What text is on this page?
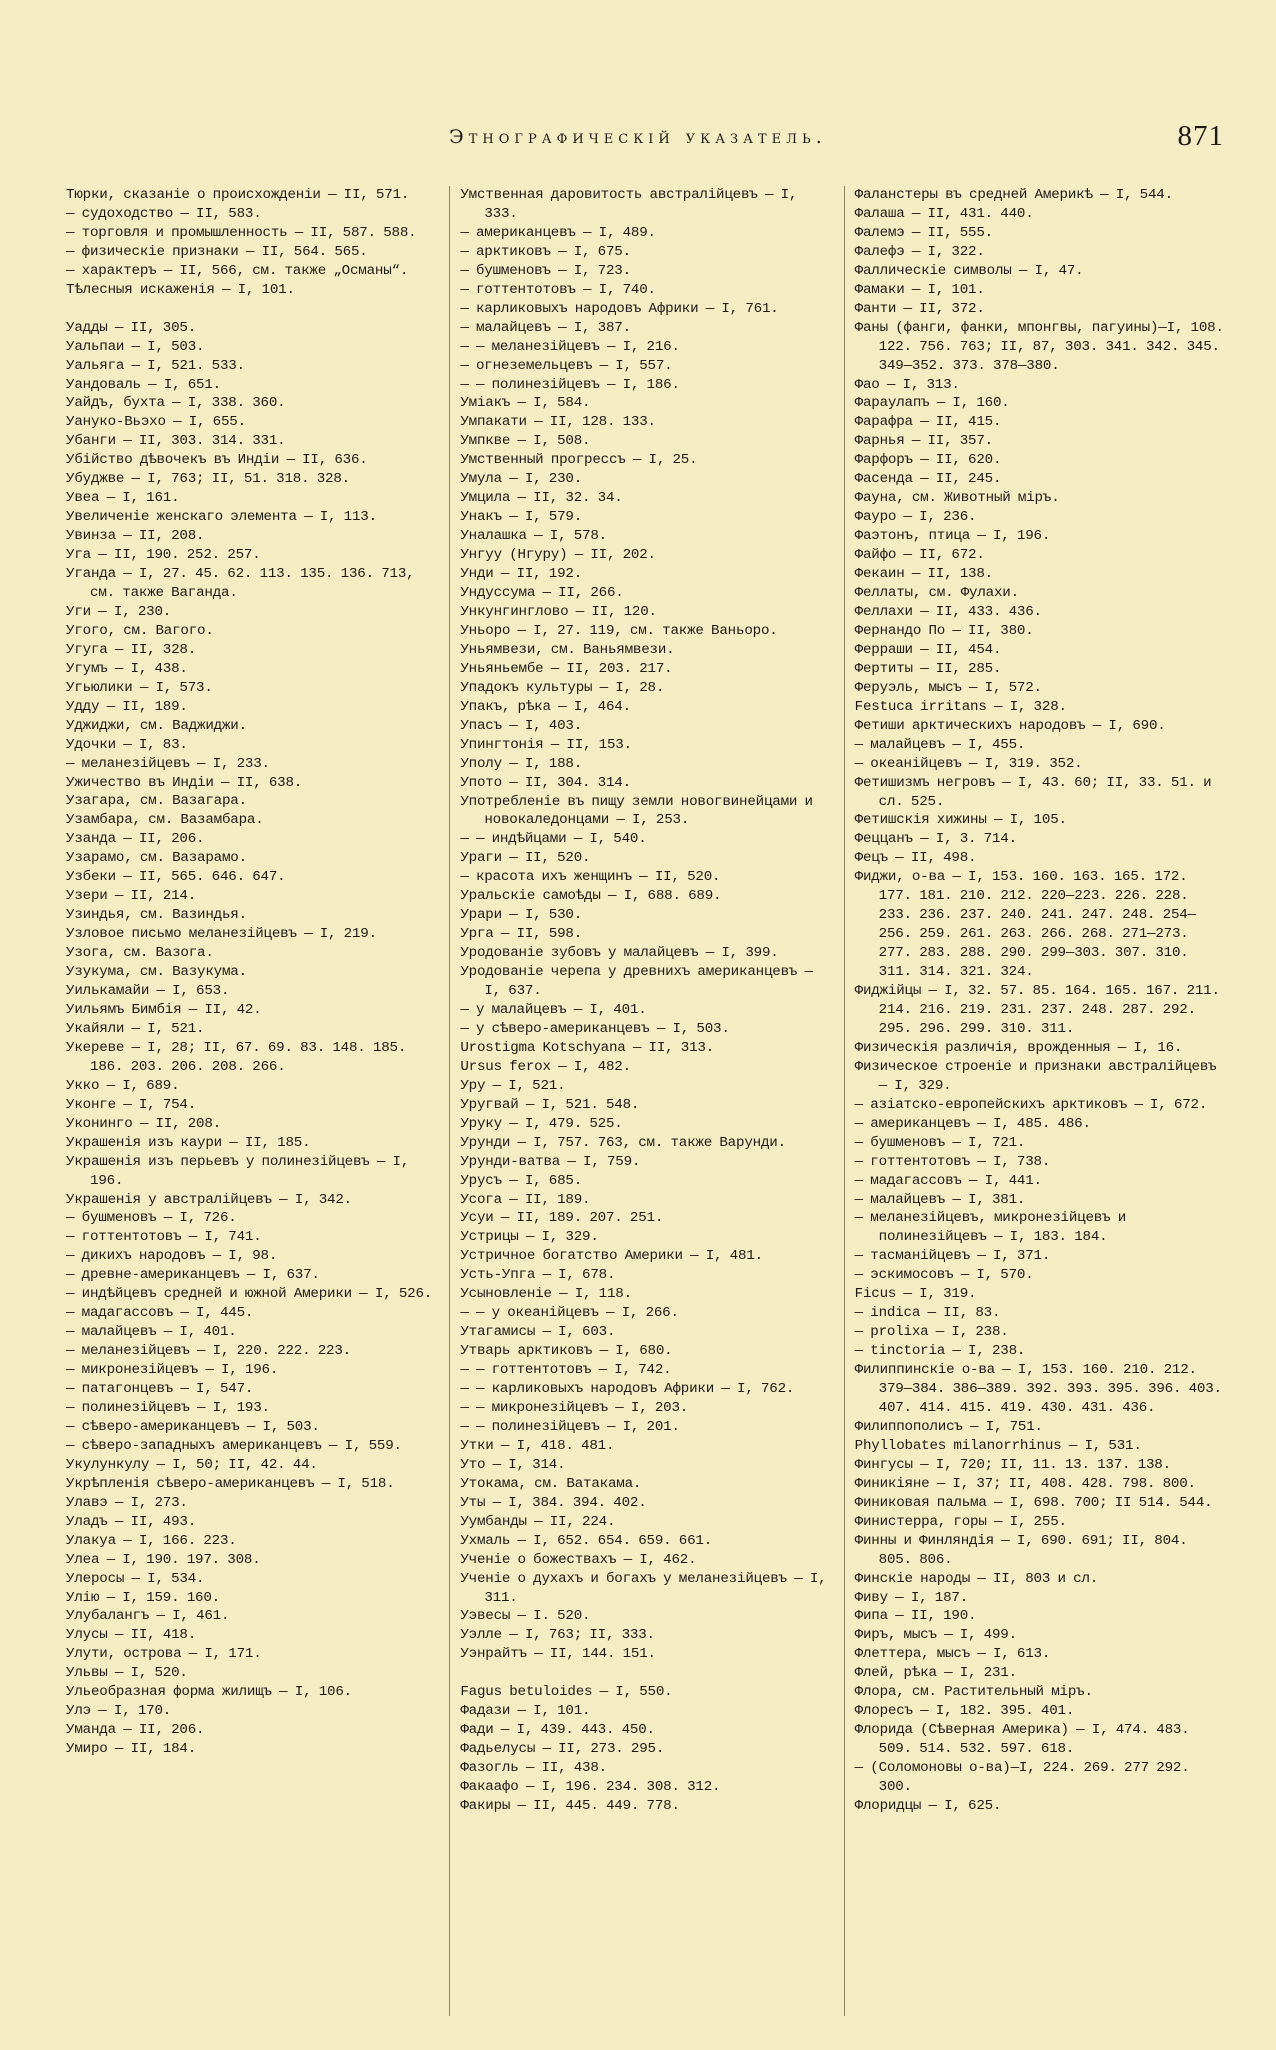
Этнографическій указатель.	871
Тюрки, сказаніе о происхожденіи — II, 571.
— судоходство — II, 583.
— торговля и промышленность — II, 587. 588.
— физическіе признаки — II, 564. 565.
— характеръ — II, 566, см. также „Османы“.
Тѣлесныя искаженія — I, 101.
Уадды — II, 305.
Уальпаи — I, 503.
Уальяга — I, 521. 533.
Уандоваль — I, 651.
Уайдъ, бухта — I, 338. 360.
Уануко-Вьэхо — I, 655.
Убанги — II, 303. 314. 331.
Убійство дѣвочекъ въ Индіи — II, 636.
Убуджве — I, 763; II, 51. 318. 328.
Увеа — I, 161.
Увеличеніе женскаго элемента — I, 113.
Увинза — II, 208.
Уга — II, 190. 252. 257.
Уганда — I, 27. 45. 62. 113. 135. 136. 713, см. также Ваганда.
Уги — I, 230.
Угого, см. Вагого.
Угуга — II, 328.
Угумъ — I, 438.
Угьюлики — I, 573.
Удду — II, 189.
Уджиджи, см. Ваджиджи.
Удочки — I, 83.
— меланезійцевъ — I, 233.
Ужичество въ Индіи — II, 638.
Узагара, см. Вазагара.
Узамбара, см. Вазамбара.
Узанда — II, 206.
Узарамо, см. Вазарамо.
Узбеки — II, 565. 646. 647.
Узери — II, 214.
Узиндья, см. Вазиндья.
Узловое письмо меланезійцевъ — I, 219.
Узога, см. Вазога.
Узукума, см. Вазукума.
Уилькамайи — I, 653.
Уильямъ Бимбія — II, 42.
Укайяли — I, 521.
Укереве — I, 28; II, 67. 69. 83. 148. 185. 186. 203. 206. 208. 266.
Укко — I, 689.
Уконге — I, 754.
Уконинго — II, 208.
Украшенія изъ каури — II, 185.
Украшенія изъ перьевъ у полинезійцевъ — I, 196.
Украшенія у австралійцевъ — I, 342.
— бушменовъ — I, 726.
— готтентотовъ — I, 741.
— дикихъ народовъ — I, 98.
— древне-американцевъ — I, 637.
— индѣйцевъ средней и южной Америки — I, 526.
— мадагассовъ — I, 445.
— малайцевъ — I, 401.
— меланезійцевъ — I, 220. 222. 223.
— микронезійцевъ — I, 196.
— патагонцевъ — I, 547.
— полинезійцевъ — I, 193.
— сѣверо-американцевъ — I, 503.
— сѣверо-западныхъ американцевъ — I, 559.
Укулункулу — I, 50; II, 42. 44.
Укрѣпленія сѣверо-американцевъ — I, 518.
Улавэ — I, 273.
Уладъ — II, 493.
Улакуа — I, 166. 223.
Улеа — I, 190. 197. 308.
Улеросы — I, 534.
Улію — I, 159. 160.
Улубалангъ — I, 461.
Улусы — II, 418.
Улути, острова — I, 171.
Ульвы — I, 520.
Ульеобразная форма жилищъ — I, 106.
Улэ — I, 170.
Уманда — II, 206.
Умиро — II, 184.
Умственная даровитость австралійцевъ — I, 333.
— американцевъ — I, 489.
— арктиковъ — I, 675.
— бушменовъ — I, 723.
— готтентотовъ — I, 740.
— карликовыхъ народовъ Африки — I, 761.
— малайцевъ — I, 387.
— — меланезійцевъ — I, 216.
— огнеземельцевъ — I, 557.
— — полинезійцевъ — I, 186.
Уміакъ — I, 584.
Умпакати — II, 128. 133.
Умпкве — I, 508.
Умственный прогрессъ — I, 25.
Умула — I, 230.
Умцила — II, 32. 34.
Унакъ — I, 579.
Уналашка — I, 578.
Унгуу (Нгуру) — II, 202.
Унди — II, 192.
Ундуссума — II, 266.
Ункунгинглово — II, 120.
Уньоро — I, 27. 119, см. также Ваньоро.
Уньямвези, см. Ваньямвези.
Уньяньембе — II, 203. 217.
Упадокъ культуры — I, 28.
Упакъ, рѣка — I, 464.
Упасъ — I, 403.
Упингтонія — II, 153.
Уполу — I, 188.
Упото — II, 304. 314.
Употребленіе въ пищу земли новогвинейцами и новокаледонцами — I, 253.
— — индѣйцами — I, 540.
Ураги — II, 520.
— красота ихъ женщинъ — II, 520.
Уральскіе самоѣды — I, 688. 689.
Урари — I, 530.
Урга — II, 598.
Уродованіе зубовъ у малайцевъ — I, 399.
Уродованіе черепа у древнихъ американцевъ — I, 637.
— у малайцевъ — I, 401.
— у сѣверо-американцевъ — I, 503.
Urostigma Kotschyana — II, 313.
Ursus ferox — I, 482.
Уру — I, 521.
Уругвай — I, 521. 548.
Уруку — I, 479. 525.
Урунди — I, 757. 763, см. также Варунди.
Урунди-ватва — I, 759.
Урусъ — I, 685.
Усога — II, 189.
Усуи — II, 189. 207. 251.
Устрицы — I, 329.
Устричное богатство Америки — I, 481.
Усть-Упга — I, 678.
Усыновленіе — I, 118.
— — у океанійцевъ — I, 266.
Утагамисы — I, 603.
Утварь арктиковъ — I, 680.
— — готтентотовъ — I, 742.
— — карликовыхъ народовъ Африки — I, 762.
— — микронезійцевъ — I, 203.
— — полинезійцевъ — I, 201.
Утки — I, 418. 481.
Уто — I, 314.
Утокама, см. Ватакама.
Уты — I, 384. 394. 402.
Уумбанды — II, 224.
Ухмаль — I, 652. 654. 659. 661.
Ученіе о божествахъ — I, 462.
Ученіе о духахъ и богахъ у меланезійцевъ — I, 311.
Уэвесы — I. 520.
Уэлле — I, 763; II, 333.
Уэнрайтъ — II, 144. 151.
Fagus betuloides — I, 550.
Фадази — I, 101.
Фади — I, 439. 443. 450.
Фадьелусы — II, 273. 295.
Фазогль — II, 438.
Факаафо — I, 196. 234. 308. 312.
Факиры — II, 445. 449. 778.
Фаланстеры въ средней Америкѣ — I, 544.
Фалаша — II, 431. 440.
Фалемэ — II, 555.
Фалефэ — I, 322.
Фаллическіе символы — I, 47.
Фамаки — I, 101.
Фанти — II, 372.
Фаны (фанги, фанки, мпонгвы, пагуины)—I, 108. 122. 756. 763; II, 87, 303. 341. 342. 345. 349—352. 373. 378—380.
Фао — I, 313.
Фараулапъ — I, 160.
Фарафра — II, 415.
Фарнья — II, 357.
Фарфоръ — II, 620.
Фасенда — II, 245.
Фауна, см. Животный міръ.
Фауро — I, 236.
Фаэтонъ, птица — I, 196.
Файфо — II, 672.
Фекаин — II, 138.
Феллаты, см. Фулахи.
Феллахи — II, 433. 436.
Фернандо По — II, 380.
Ферраши — II, 454.
Фертиты — II, 285.
Феруэль, мысъ — I, 572.
Festuca irritans — I, 328.
Фетиши арктическихъ народовъ — I, 690.
— малайцевъ — I, 455.
— океанійцевъ — I, 319. 352.
Фетишизмъ негровъ — I, 43. 60; II, 33. 51. и сл. 525.
Фетишскія хижины — I, 105.
Феццанъ — I, 3. 714.
Фецъ — II, 498.
Фиджи, о-ва — I, 153. 160. 163. 165. 172. 177. 181. 210. 212. 220—223. 226. 228. 233. 236. 237. 240. 241. 247. 248. 254—256. 259. 261. 263. 266. 268. 271—273. 277. 283. 288. 290. 299—303. 307. 310. 311. 314. 321. 324.
Фиджійцы — I, 32. 57. 85. 164. 165. 167. 211. 214. 216. 219. 231. 237. 248. 287. 292. 295. 296. 299. 310. 311.
Физическія различія, врожденныя — I, 16.
Физическое строеніе и признаки австралійцевъ — I, 329.
— азіатско-европейскихъ арктиковъ — I, 672.
— американцевъ — I, 485. 486.
— бушменовъ — I, 721.
— готтентотовъ — I, 738.
— мадагассовъ — I, 441.
— малайцевъ — I, 381.
— меланезійцевъ, микронезійцевъ и полинезійцевъ — I, 183. 184.
— тасманійцевъ — I, 371.
— эскимосовъ — I, 570.
Ficus — I, 319.
— indica — II, 83.
— prolixa — I, 238.
— tinctoria — I, 238.
Филиппинскіе о-ва — I, 153. 160. 210. 212. 379—384. 386—389. 392. 393. 395. 396. 403. 407. 414. 415. 419. 430. 431. 436.
Филиппополисъ — I, 751.
Phyllobates milanorrhinus — I, 531.
Фингусы — I, 720; II, 11. 13. 137. 138.
Финикіяне — I, 37; II, 408. 428. 798. 800.
Финиковая пальма — I, 698. 700; II 514. 544.
Финистерра, горы — I, 255.
Финны и Финляндія — I, 690. 691; II, 804. 805. 806.
Финскіе народы — II, 803 и сл.
Фиву — I, 187.
Фипа — II, 190.
Фиръ, мысъ — I, 499.
Флеттера, мысъ — I, 613.
Флей, рѣка — I, 231.
Флора, см. Растительный міръ.
Флоресъ — I, 182. 395. 401.
Флорида (Сѣверная Америка) — I, 474. 483. 509. 514. 532. 597. 618.
— (Соломоновы о-ва)—I, 224. 269. 277 292. 300.
Флоридцы — I, 625.
